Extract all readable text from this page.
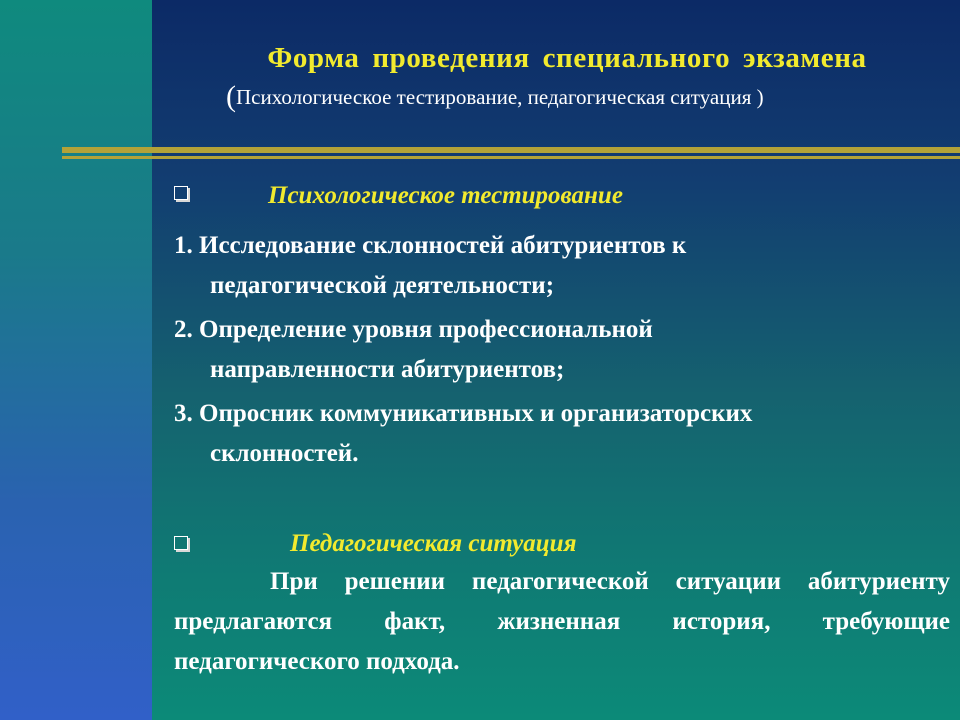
Форма проведения специального экзамена
(Психологическое тестирование, педагогическая ситуация )
Психологическое тестирование
1. Исследование склонностей абитуриентов к
педагогической деятельности;
2. Определение уровня профессиональной
направленности абитуриентов;
3. Опросник коммуникативных и организаторских
склонностей.
Педагогическая ситуация
При решении педагогической ситуации абитуриенту предлагаются факт, жизненная история, требующие педагогического подхода.
